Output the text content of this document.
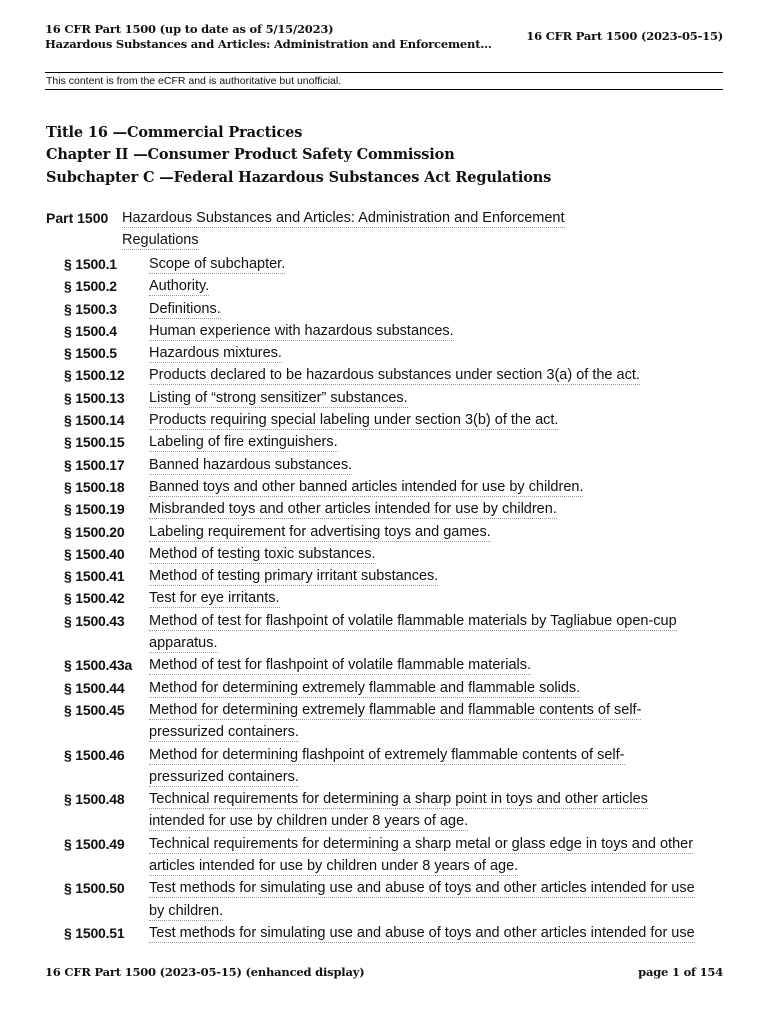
16 CFR Part 1500 (up to date as of 5/15/2023)
Hazardous Substances and Articles: Administration and Enforcement...
16 CFR Part 1500 (2023-05-15)
This content is from the eCFR and is authoritative but unofficial.
Title 16 —Commercial Practices
Chapter II —Consumer Product Safety Commission
Subchapter C —Federal Hazardous Substances Act Regulations
Part 1500 Hazardous Substances and Articles: Administration and Enforcement
Regulations
§ 1500.1	Scope of subchapter.
§ 1500.2	Authority.
§ 1500.3	Definitions.
§ 1500.4	Human experience with hazardous substances.
§ 1500.5	Hazardous mixtures.
§ 1500.12	Products declared to be hazardous substances under section 3(a) of the act.
§ 1500.13	Listing of “strong sensitizer” substances.
§ 1500.14	Products requiring special labeling under section 3(b) of the act.
§ 1500.15	Labeling of fire extinguishers.
§ 1500.17	Banned hazardous substances.
§ 1500.18	Banned toys and other banned articles intended for use by children.
§ 1500.19	Misbranded toys and other articles intended for use by children.
§ 1500.20	Labeling requirement for advertising toys and games.
§ 1500.40	Method of testing toxic substances.
§ 1500.41	Method of testing primary irritant substances.
§ 1500.42	Test for eye irritants.
§ 1500.43	Method of test for flashpoint of volatile flammable materials by Tagliabue open-cup
apparatus.
§ 1500.43a	Method of test for flashpoint of volatile flammable materials.
§ 1500.44	Method for determining extremely flammable and flammable solids.
§ 1500.45	Method for determining extremely flammable and flammable contents of self-
pressurized containers.
§ 1500.46	Method for determining flashpoint of extremely flammable contents of self-
pressurized containers.
§ 1500.48	Technical requirements for determining a sharp point in toys and other articles
intended for use by children under 8 years of age.
§ 1500.49	Technical requirements for determining a sharp metal or glass edge in toys and other
articles intended for use by children under 8 years of age.
§ 1500.50	Test methods for simulating use and abuse of toys and other articles intended for use
by children.
§ 1500.51	Test methods for simulating use and abuse of toys and other articles intended for use
16 CFR Part 1500 (2023-05-15) (enhanced display)	page 1 of 154
